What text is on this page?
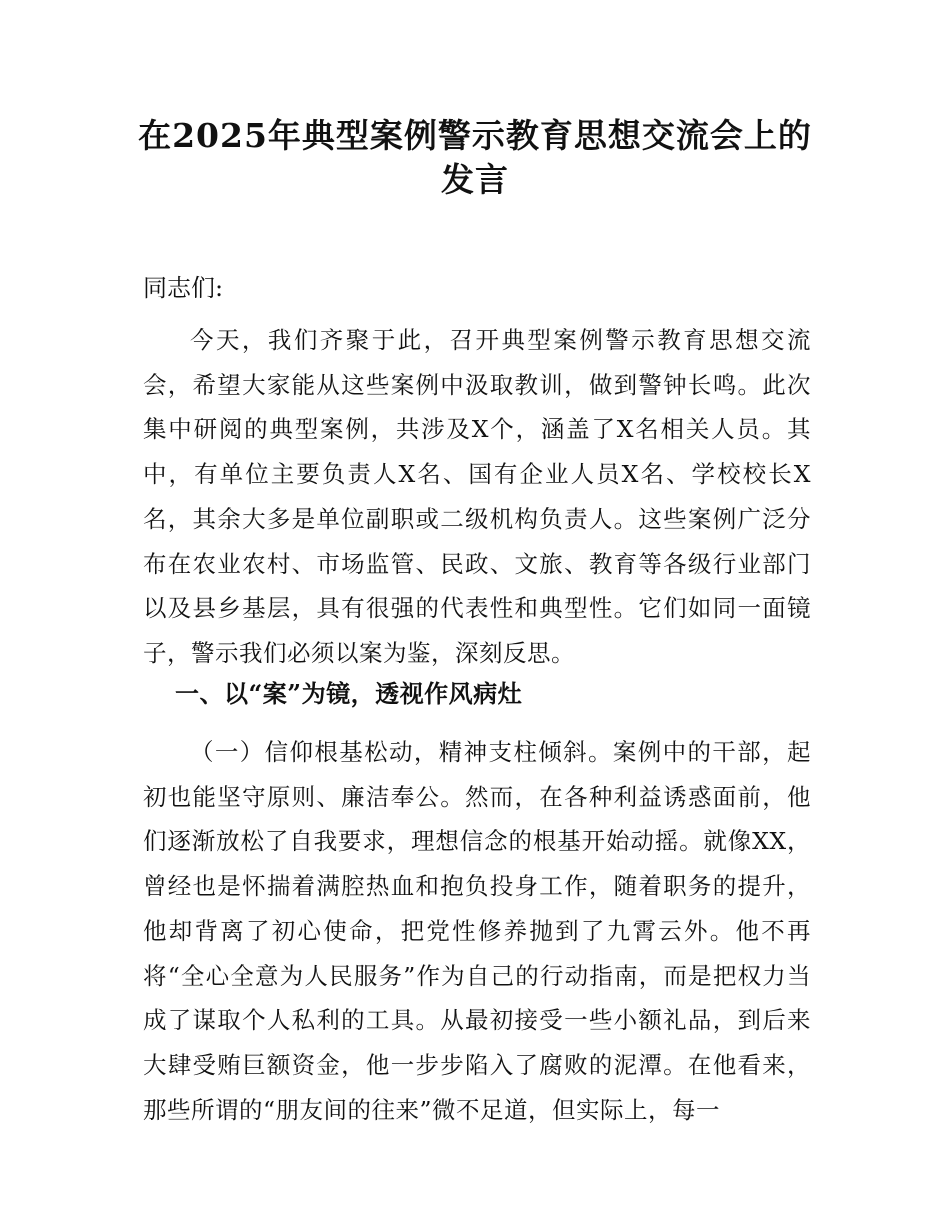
在2025年典型案例警示教育思想交流会上的
发言
同志们:
今天，我们齐聚于此，召开典型案例警示教育思想交流会，希望大家能从这些案例中汲取教训，做到警钟长鸣。此次集中研阅的典型案例，共涉及X个，涵盖了X名相关人员。其中，有单位主要负责人X名、国有企业人员X名、学校校长X名，其余大多是单位副职或二级机构负责人。这些案例广泛分布在农业农村、市场监管、民政、文旅、教育等各级行业部门以及县乡基层，具有很强的代表性和典型性。它们如同一面镜子，警示我们必须以案为鉴，深刻反思。
一、以“案”为镜，透视作风病灶
（一）信仰根基松动，精神支柱倾斜。案例中的干部，起初也能坚守原则、廉洁奉公。然而，在各种利益诱惑面前，他们逐渐放松了自我要求，理想信念的根基开始动摇。就像XX，曾经也是怀揣着满腔热血和抱负投身工作，随着职务的提升，他却背离了初心使命，把党性修养抛到了九霄云外。他不再将“全心全意为人民服务”作为自己的行动指南，而是把权力当成了谋取个人私利的工具。从最初接受一些小额礼品，到后来大肆受贿巨额资金，他一步步陷入了腐败的泥潭。在他看来，那些所谓的“朋友间的往来”微不足道，但实际上，每一
